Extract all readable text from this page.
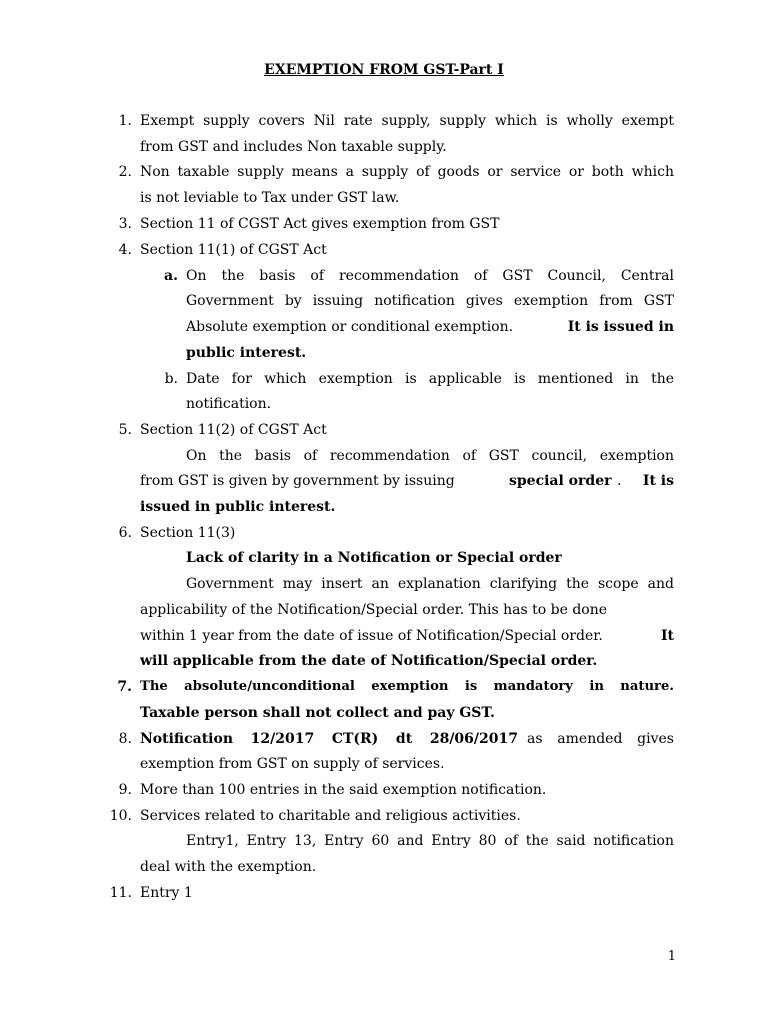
EXEMPTION FROM GST-Part I
1. Exempt supply covers Nil rate supply, supply which is wholly exempt
from GST and includes Non taxable supply.
2. Non taxable supply means a supply of goods or service or both which
is not leviable to Tax under GST law.
3. Section 11 of CGST Act gives exemption from GST
4. Section 11(1) of CGST Act
a. On the basis of recommendation of GST Council, Central
Government by issuing notification gives exemption from GST
Absolute exemption or conditional exemption.	It is issued in
public interest.
b. Date for which exemption is applicable is mentioned in the
notification.
5. Section 11(2) of CGST Act
On the basis of recommendation of GST council, exemption
from GST is given by government by issuing	special order .	It is
issued in public interest.
6. Section 11(3)
Lack of clarity in a Notification or Special order
Government may insert an explanation clarifying the scope and
applicability of the Notification/Special order. This has to be done
within 1 year from the date of issue of Notification/Special order.	It
will applicable from the date of Notification/Special order.
7. The absolute/unconditional exemption is mandatory in nature.
Taxable person shall not collect and pay GST.
8. Notification 12/2017 CT(R) dt 28/06/2017 as amended gives
exemption from GST on supply of services.
9. More than 100 entries in the said exemption notification.
10. Services related to charitable and religious activities.
Entry1, Entry 13, Entry 60 and Entry 80 of the said notification
deal with the exemption.
11. Entry 1
1
